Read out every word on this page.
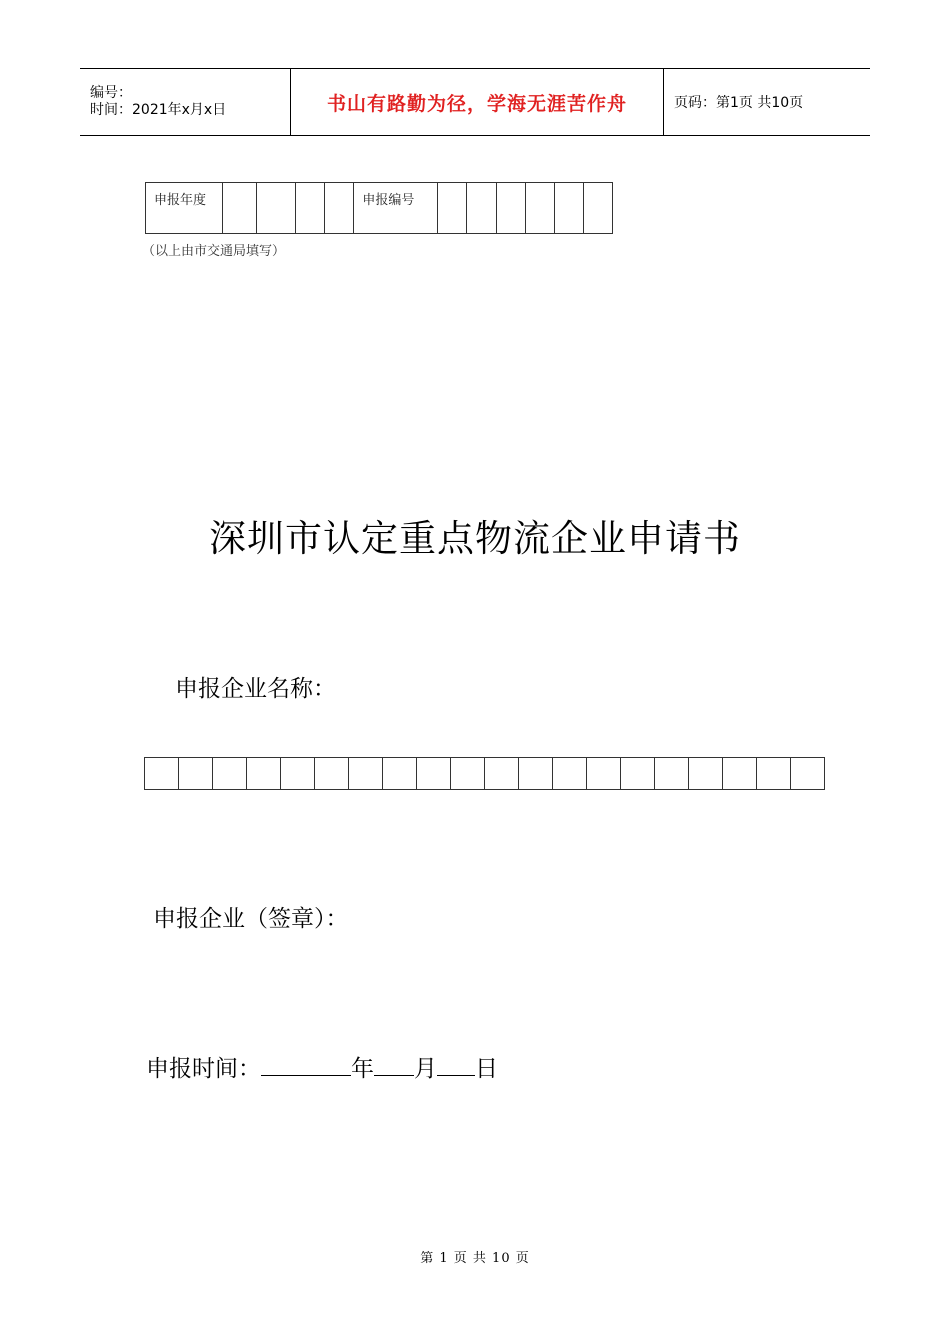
编号：
时间：2021年x月x日	书山有路勤为径，学海无涯苦作舟	页码：第1页 共10页
申报年度					申报编号						
（以上由市交通局填写）
深圳市认定重点物流企业申请书
申报企业名称：

申报企业（签章）：
申报时间：	年 月 日
第 1 页 共 10 页
